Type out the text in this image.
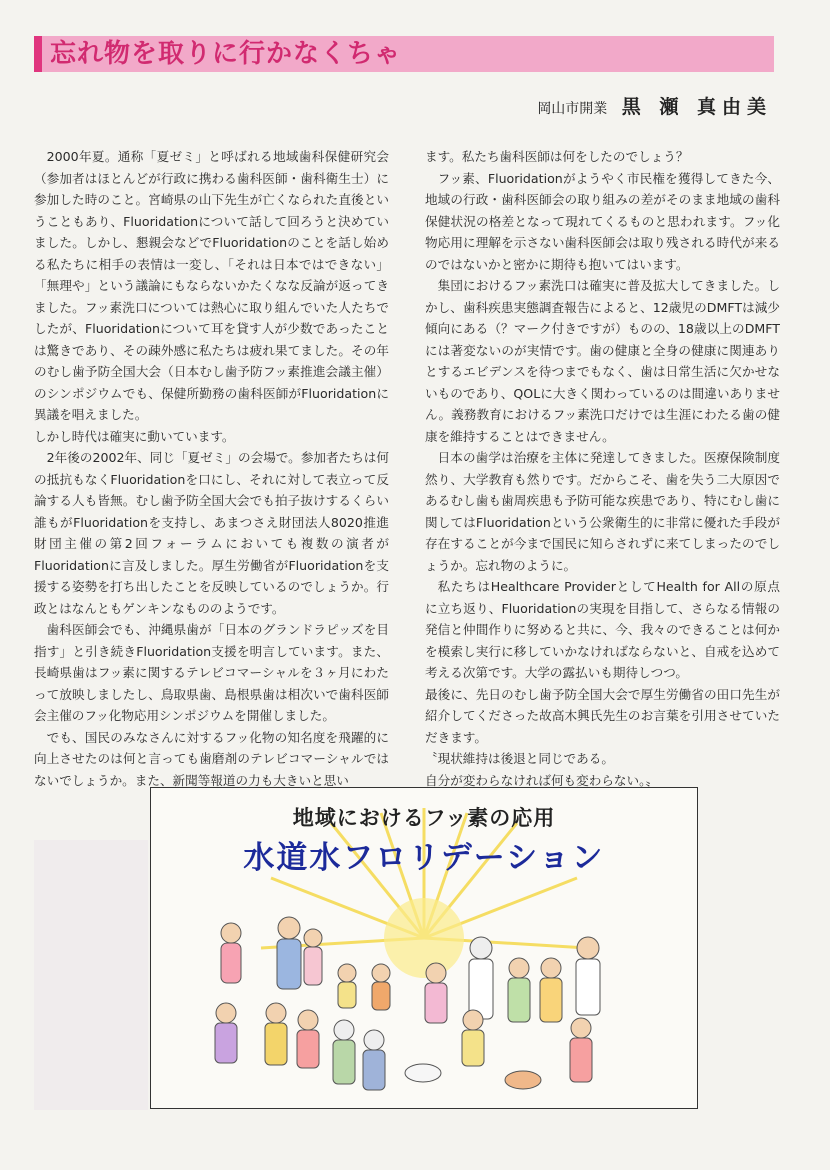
忘れ物を取りに行かなくちゃ
岡山市開業 黒 瀬 真由美

2000年夏。通称「夏ゼミ」と呼ばれる地域歯科保健研究会（参加者はほとんどが行政に携わる歯科医師・歯科衛生士）に参加した時のこと。宮崎県の山下先生が亡くなられた直後ということもあり、Fluoridationについて話して回ろうと決めていました。しかし、懇親会などでFluoridationのことを話し始める私たちに相手の表情は一変し、「それは日本ではできない」「無理や」という議論にもならないかたくなな反論が返ってきました。フッ素洗口については熱心に取り組んでいた人たちでしたが、Fluoridationについて耳を貸す人が少数であったことは驚きであり、その疎外感に私たちは疲れ果てました。その年のむし歯予防全国大会（日本むし歯予防フッ素推進会議主催）のシンポジウムでも、保健所勤務の歯科医師がFluoridationに異議を唱えました。

しかし時代は確実に動いています。

2年後の2002年、同じ「夏ゼミ」の会場で。参加者たちは何の抵抗もなくFluoridationを口にし、それに対して表立って反論する人も皆無。むし歯予防全国大会でも拍子抜けするくらい誰もがFluoridationを支持し、あまつさえ財団法人8020推進財団主催の第2回フォーラムにおいても複数の演者がFluoridationに言及しました。厚生労働省がFluoridationを支援する姿勢を打ち出したことを反映しているのでしょうか。行政とはなんともゲンキンなもののようです。

歯科医師会でも、沖縄県歯が「日本のグランドラピッズを目指す」と引き続きFluoridation支援を明言しています。また、長崎県歯はフッ素に関するテレビコマーシャルを３ヶ月にわたって放映しましたし、鳥取県歯、島根県歯は相次いで歯科医師会主催のフッ化物応用シンポジウムを開催しました。

でも、国民のみなさんに対するフッ化物の知名度を飛躍的に向上させたのは何と言っても歯磨剤のテレビコマーシャルではないでしょうか。また、新聞等報道の力も大きいと思い

ます。私たち歯科医師は何をしたのでしょう？

フッ素、Fluoridationがようやく市民権を獲得してきた今、地域の行政・歯科医師会の取り組みの差がそのまま地域の歯科保健状況の格差となって現れてくるものと思われます。フッ化物応用に理解を示さない歯科医師会は取り残される時代が来るのではないかと密かに期待も抱いてはいます。

集団におけるフッ素洗口は確実に普及拡大してきました。しかし、歯科疾患実態調査報告によると、12歳児のDMFTは減少傾向にある（？マーク付きですが）ものの、18歳以上のDMFTには著変ないのが実情です。歯の健康と全身の健康に関連ありとするエビデンスを待つまでもなく、歯は日常生活に欠かせないものであり、QOLに大きく関わっているのは間違いありません。義務教育におけるフッ素洗口だけでは生涯にわたる歯の健康を維持することはできません。

日本の歯学は治療を主体に発達してきました。医療保険制度然り、大学教育も然りです。だからこそ、歯を失う二大原因であるむし歯も歯周疾患も予防可能な疾患であり、特にむし歯に関してはFluoridationという公衆衛生的に非常に優れた手段が存在することが今まで国民に知らされずに来てしまったのでしょうか。忘れ物のように。

私たちはHealthcare ProviderとしてHealth for Allの原点に立ち返り、Fluoridationの実現を目指して、さらなる情報の発信と仲間作りに努めると共に、今、我々のできることは何かを模索し実行に移していかなければならないと、自戒を込めて考える次第です。大学の露払いも期待しつつ。

最後に、先日のむし歯予防全国大会で厚生労働省の田口先生が紹介してくださった故高木興氏先生のお言葉を引用させていただきます。

〝現状維持は後退と同じである。

自分が変わらなければ何も変わらない。〟

地域におけるフッ素の応用
水道水フロリデーション
